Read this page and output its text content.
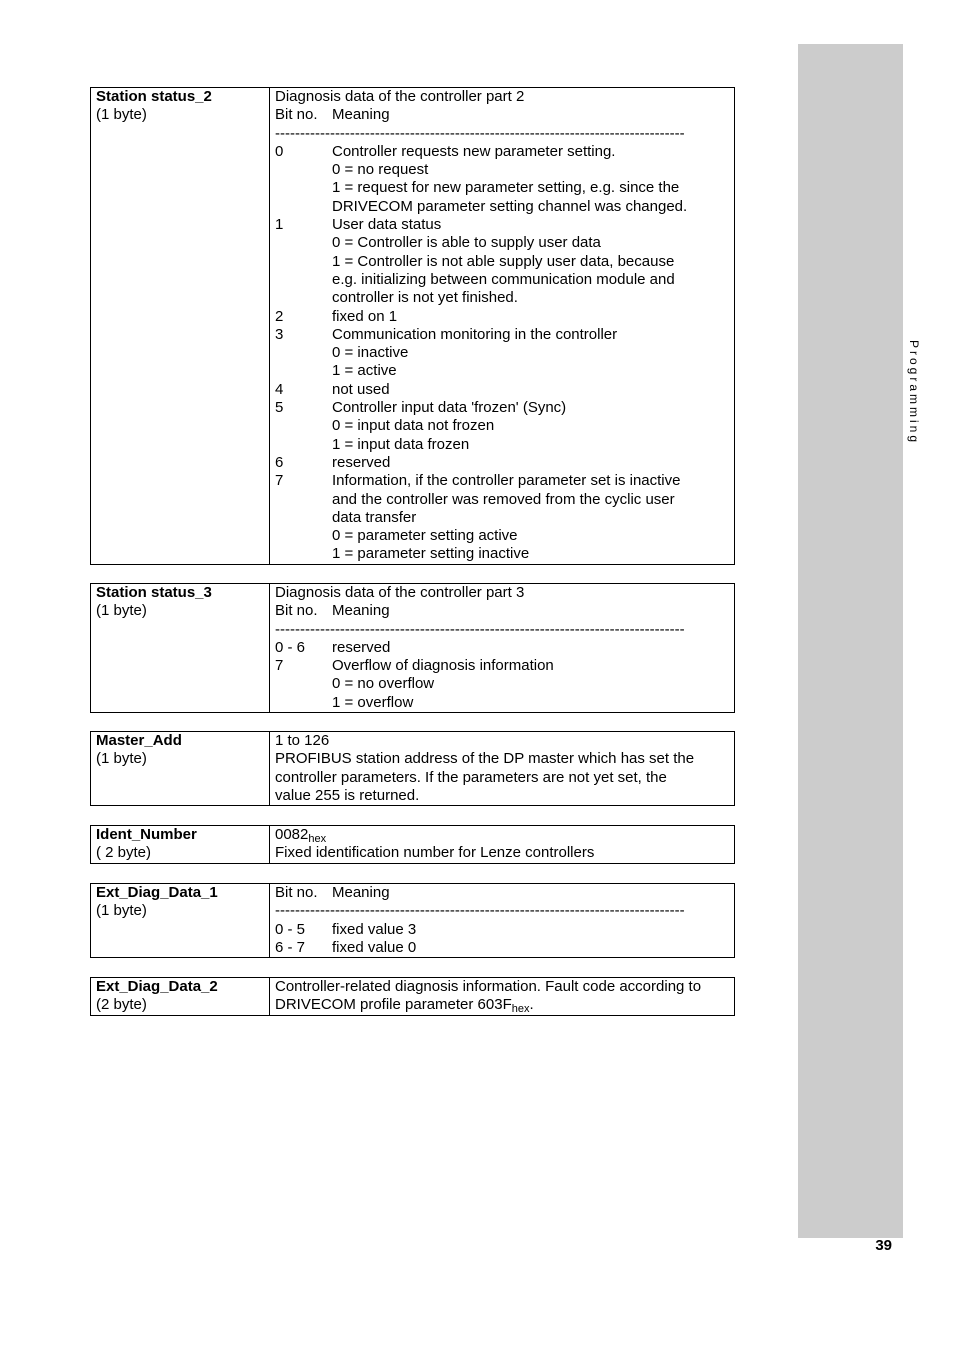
Programming
39
Station status_2
(1 byte)

Diagnosis data of the controller part 2
Bit no. Meaning
----------------------------------------------------------------------------------
0	Controller requests new parameter setting.
0 = no request
1 = request for new parameter setting, e.g. since the
DRIVECOM parameter setting channel was changed.
1	User data status
0 = Controller is able to supply user data
1 = Controller is not able supply user data, because
e.g. initializing between communication module and
controller is not yet finished.
2	fixed on 1
3	Communication monitoring in the controller
0 = inactive
1 = active
4	not used
5	Controller input data 'frozen' (Sync)
0 = input data not frozen
1 = input data frozen
6	reserved
7	Information, if the controller parameter set is inactive
and the controller was removed from the cyclic user
data transfer
0 = parameter setting active
1 = parameter setting inactive
Station status_3
(1 byte)

Diagnosis data of the controller part 3
Bit no. Meaning
----------------------------------------------------------------------------------
0 - 6	reserved
7	Overflow of diagnosis information
0 = no overflow
1 = overflow
Master_Add
(1 byte)

1 to 126
PROFIBUS station address of the DP master which has set the
controller parameters. If the parameters are not yet set, the
value 255 is returned.
Ident_Number
( 2 byte)

$0082_{hex}$
Fixed identification number for Lenze controllers
Ext_Diag_Data_1
(1 byte)

Bit no. Meaning
----------------------------------------------------------------------------------
0 - 5	fixed value 3
6 - 7	fixed value 0
Ext_Diag_Data_2
(2 byte)

Controller-related diagnosis information. Fault code according to
DRIVECOM profile parameter $603F_{hex}$.
